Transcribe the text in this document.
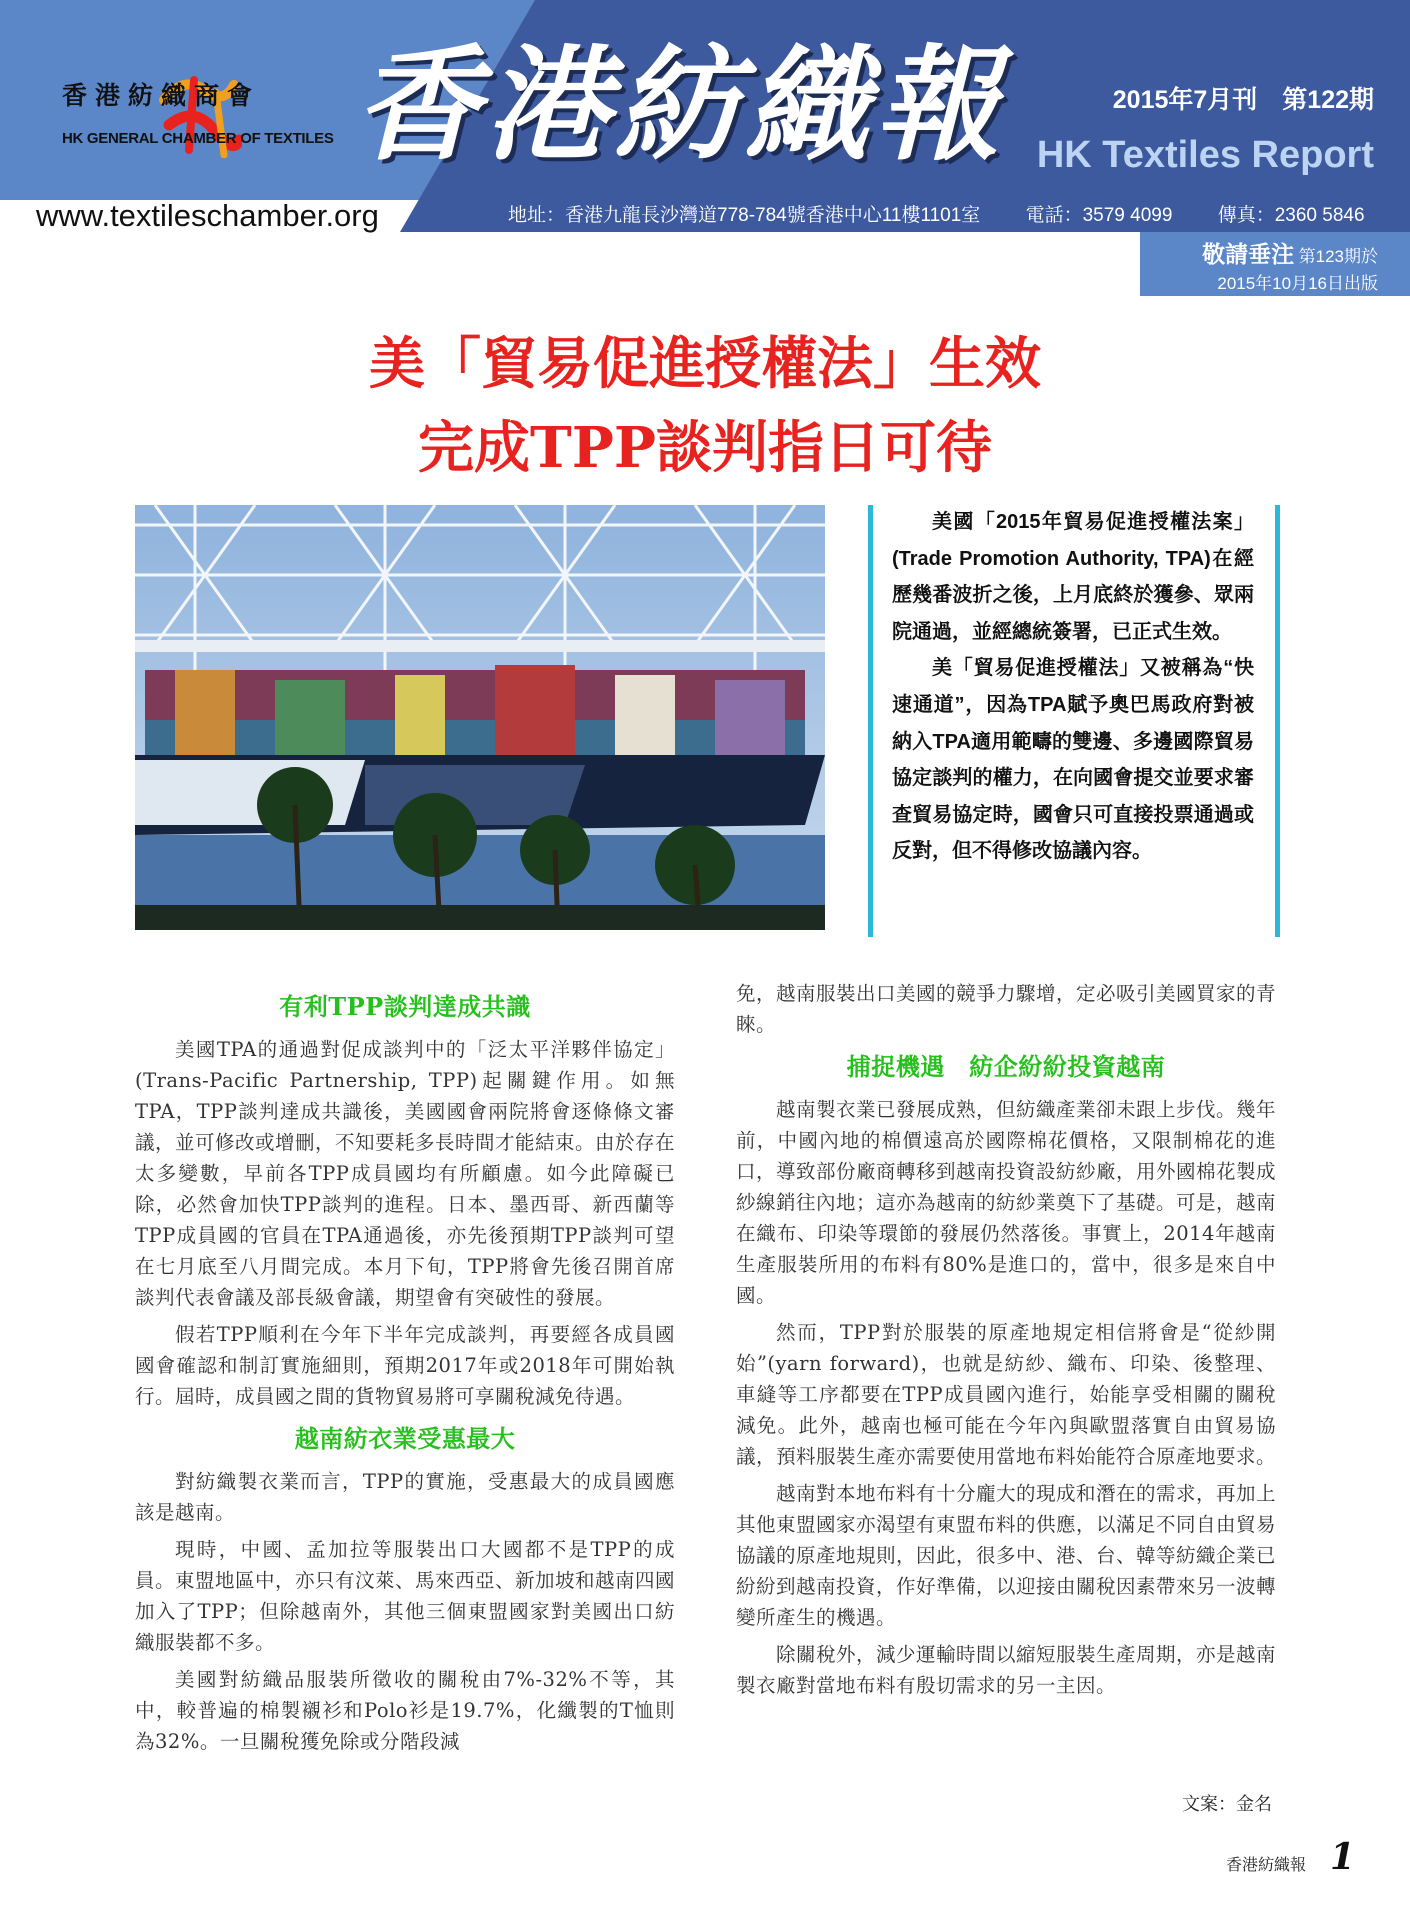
香港紡織商會
HK GENERAL CHAMBER OF TEXTILES
www.textileschamber.org
香港紡織報	2015年7月刊　第122期
HK Textiles Report
地址：香港九龍長沙灣道778-784號香港中心11樓1101室 電話：3579 4099 傳真：2360 5846
敬請垂注 第123期於
2015年10月16日出版
美「貿易促進授權法」生效
完成TPP談判指日可待

美國「2015年貿易促進授權法案」(Trade Promotion Authority, TPA)在經歷幾番波折之後，上月底終於獲參、眾兩院通過，並經總統簽署，已正式生效。

美「貿易促進授權法」又被稱為“快速通道”，因為TPA賦予奧巴馬政府對被納入TPA適用範疇的雙邊、多邊國際貿易協定談判的權力，在向國會提交並要求審查貿易協定時，國會只可直接投票通過或反對，但不得修改協議內容。

有利TPP談判達成共識

美國TPA的通過對促成談判中的「泛太平洋夥伴協定」(Trans-Pacific Partnership, TPP)起關鍵作用。如無TPA，TPP談判達成共識後，美國國會兩院將會逐條條文審議，並可修改或增刪，不知要耗多長時間才能結束。由於存在太多變數，早前各TPP成員國均有所顧慮。如今此障礙已除，必然會加快TPP談判的進程。日本、墨西哥、新西蘭等TPP成員國的官員在TPA通過後，亦先後預期TPP談判可望在七月底至八月間完成。本月下旬，TPP將會先後召開首席談判代表會議及部長級會議，期望會有突破性的發展。

假若TPP順利在今年下半年完成談判，再要經各成員國國會確認和制訂實施細則，預期2017年或2018年可開始執行。屆時，成員國之間的貨物貿易將可享關稅減免待遇。

越南紡衣業受惠最大

對紡織製衣業而言，TPP的實施，受惠最大的成員國應該是越南。

現時，中國、孟加拉等服裝出口大國都不是TPP的成員。東盟地區中，亦只有汶萊、馬來西亞、新加坡和越南四國加入了TPP；但除越南外，其他三個東盟國家對美國出口紡織服裝都不多。

美國對紡織品服裝所徵收的關稅由7%-32%不等，其中，較普遍的棉製襯衫和Polo衫是19.7%，化纖製的T恤則為32%。一旦關稅獲免除或分階段減

免，越南服裝出口美國的競爭力驟增，定必吸引美國買家的青睞。

捕捉機遇　紡企紛紛投資越南

越南製衣業已發展成熟，但紡織產業卻未跟上步伐。幾年前，中國內地的棉價遠高於國際棉花價格，又限制棉花的進口，導致部份廠商轉移到越南投資設紡紗廠，用外國棉花製成紗線銷往內地；這亦為越南的紡紗業奠下了基礎。可是，越南在織布、印染等環節的發展仍然落後。事實上，2014年越南生產服裝所用的布料有80%是進口的，當中，很多是來自中國。

然而，TPP對於服裝的原產地規定相信將會是“從紗開始”(yarn forward)，也就是紡紗、織布、印染、後整理、車縫等工序都要在TPP成員國內進行，始能享受相關的關稅減免。此外，越南也極可能在今年內與歐盟落實自由貿易協議，預料服裝生產亦需要使用當地布料始能符合原產地要求。

越南對本地布料有十分龐大的現成和潛在的需求，再加上其他東盟國家亦渴望有東盟布料的供應，以滿足不同自由貿易協議的原產地規則，因此，很多中、港、台、韓等紡織企業已紛紛到越南投資，作好準備，以迎接由關稅因素帶來另一波轉變所產生的機遇。

除關稅外，減少運輸時間以縮短服裝生產周期，亦是越南製衣廠對當地布料有殷切需求的另一主因。

文案：金名
香港紡織報 1
